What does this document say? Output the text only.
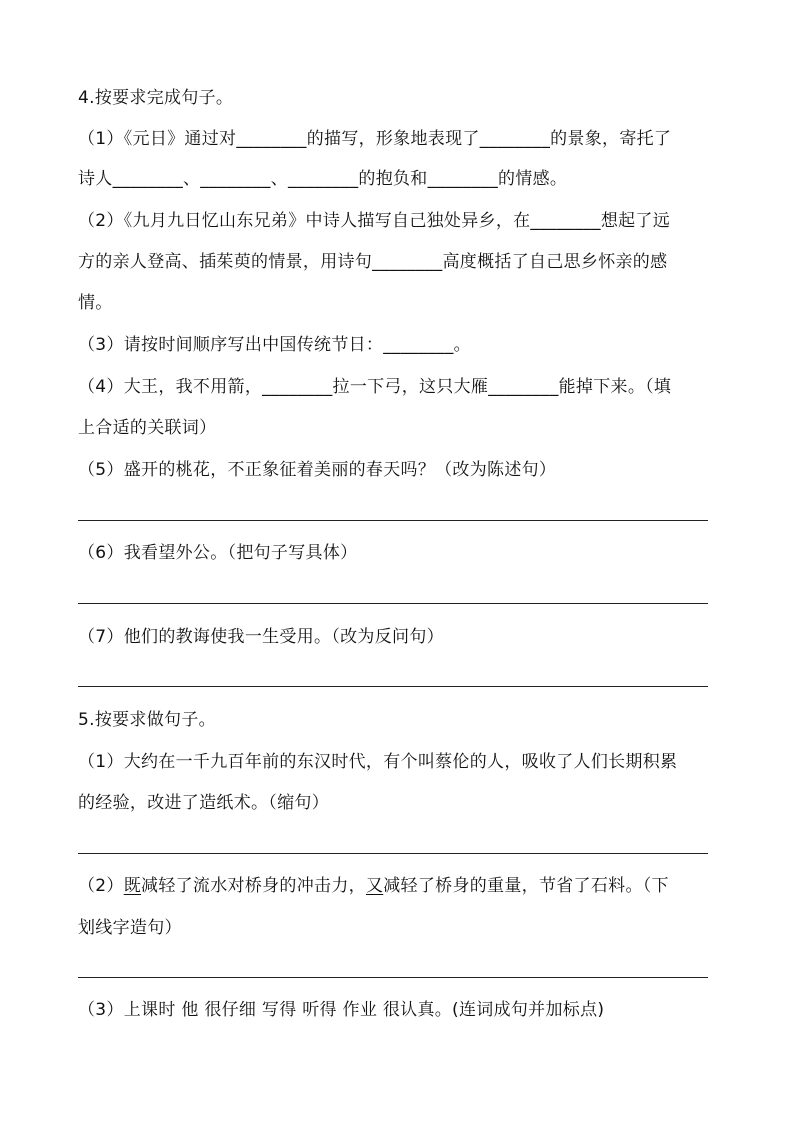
4.按要求完成句子。
（1）《元日》通过对________的描写，形象地表现了________的景象，寄托了
诗人________、________、________的抱负和________的情感。
（2）《九月九日忆山东兄弟》中诗人描写自己独处异乡，在________想起了远
方的亲人登高、插茱萸的情景，用诗句________高度概括了自己思乡怀亲的感
情。
（3）请按时间顺序写出中国传统节日：________。
（4）大王，我不用箭，________拉一下弓，这只大雁________能掉下来。（填
上合适的关联词）
（5）盛开的桃花，不正象征着美丽的春天吗？（改为陈述句）
（6）我看望外公。（把句子写具体）
（7）他们的教诲使我一生受用。（改为反问句）
5.按要求做句子。
（1）大约在一千九百年前的东汉时代，有个叫蔡伦的人，吸收了人们长期积累
的经验，改进了造纸术。（缩句）
（2）既减轻了流水对桥身的冲击力，又减轻了桥身的重量，节省了石料。（下
划线字造句）
（3）上课时 他 很仔细 写得 听得 作业 很认真。(连词成句并加标点)
